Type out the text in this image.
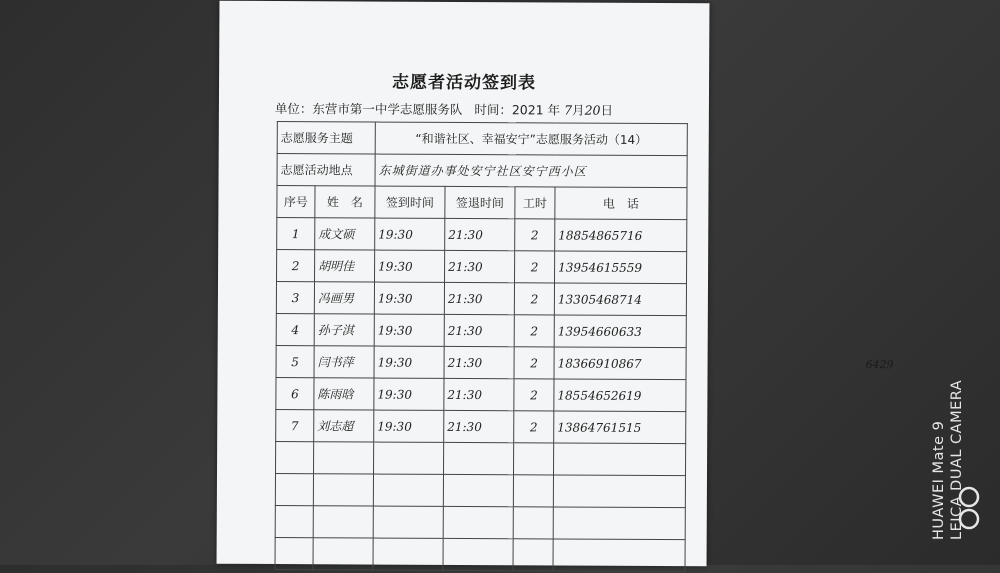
志愿者活动签到表
单位：东营市第一中学志愿服务队 时间：2021 年 7月20日
志愿服务主题		“和谐社区、幸福安宁”志愿服务活动（14）			
志愿活动地点		东城街道办事处安宁社区安宁西小区			
序号	姓　名	签到时间	签退时间	工时	电　话
1	成文硕	19:30	21:30	2	18854865716
2	胡明佳	19:30	21:30	2	13954615559
3	冯画男	19:30	21:30	2	13305468714
4	孙子淇	19:30	21:30	2	13954660633
5	闫书萍	19:30	21:30	2	18366910867
6	陈雨晗	19:30	21:30	2	18554652619
7	刘志超	19:30	21:30	2	13864761515

6429
HUAWEI Mate 9 LEICA DUAL CAMERA
